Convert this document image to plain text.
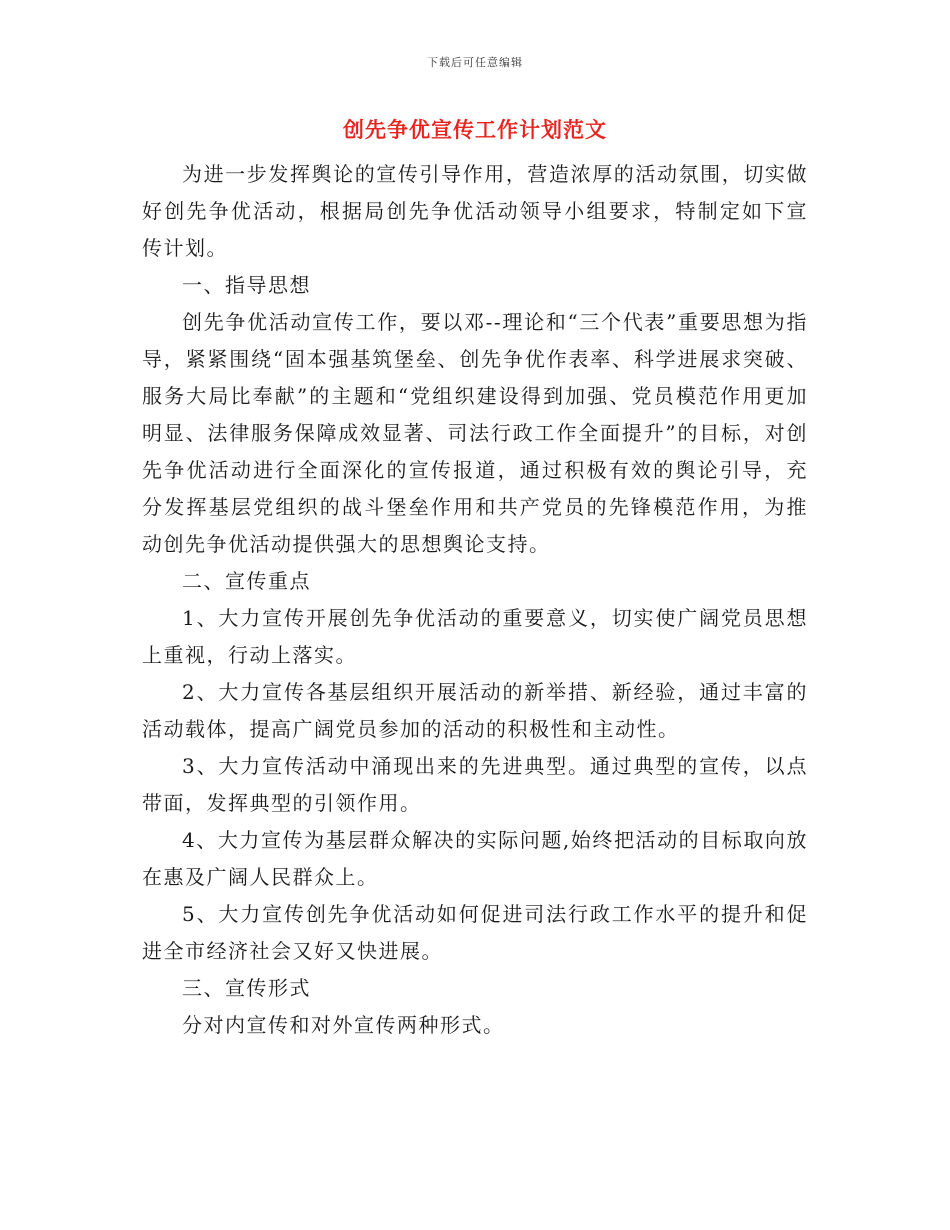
下载后可任意编辑
创先争优宣传工作计划范文

为进一步发挥舆论的宣传引导作用，营造浓厚的活动氛围，切实做好创先争优活动，根据局创先争优活动领导小组要求，特制定如下宣传计划。

一、指导思想

创先争优活动宣传工作，要以邓--理论和“三个代表”重要思想为指导，紧紧围绕“固本强基筑堡垒、创先争优作表率、科学进展求突破、服务大局比奉献”的主题和“党组织建设得到加强、党员模范作用更加明显、法律服务保障成效显著、司法行政工作全面提升”的目标，对创先争优活动进行全面深化的宣传报道，通过积极有效的舆论引导，充分发挥基层党组织的战斗堡垒作用和共产党员的先锋模范作用，为推动创先争优活动提供强大的思想舆论支持。

二、宣传重点

1、大力宣传开展创先争优活动的重要意义，切实使广阔党员思想上重视，行动上落实。

2、大力宣传各基层组织开展活动的新举措、新经验，通过丰富的活动载体，提高广阔党员参加的活动的积极性和主动性。

3、大力宣传活动中涌现出来的先进典型。通过典型的宣传，以点带面，发挥典型的引领作用。

4、大力宣传为基层群众解决的实际问题,始终把活动的目标取向放在惠及广阔人民群众上。

5、大力宣传创先争优活动如何促进司法行政工作水平的提升和促进全市经济社会又好又快进展。

三、宣传形式

分对内宣传和对外宣传两种形式。
